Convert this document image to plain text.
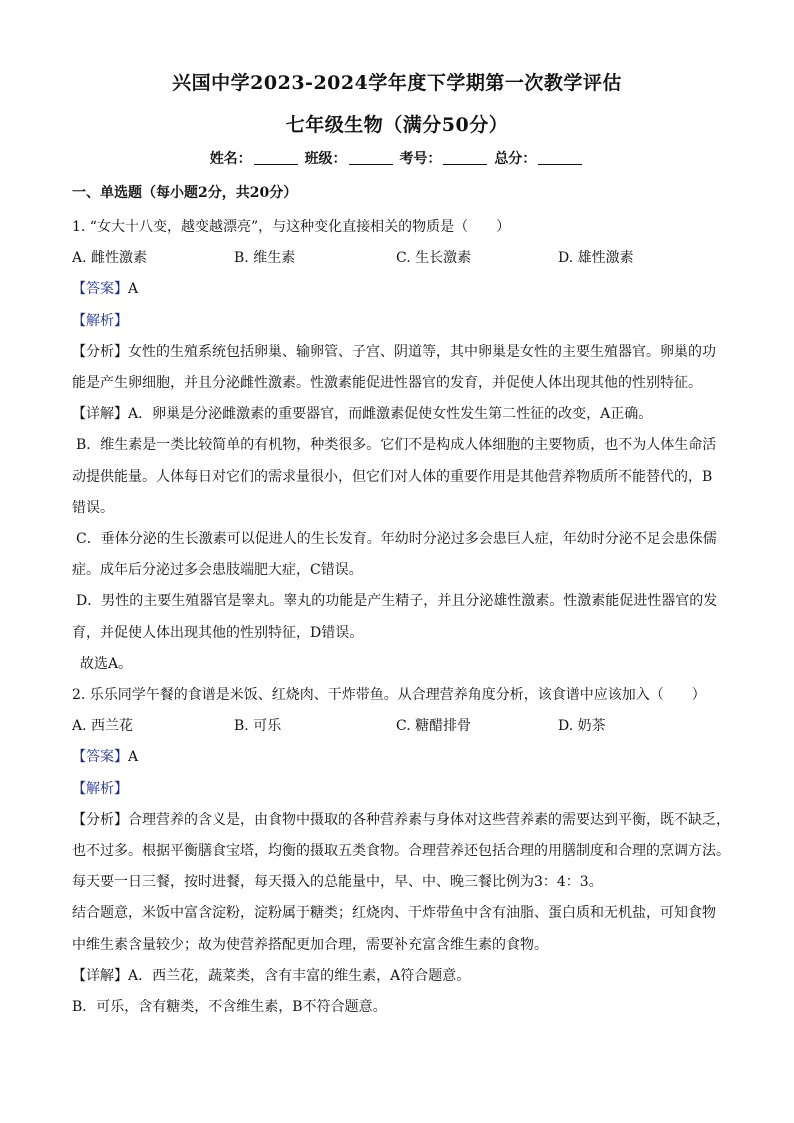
兴国中学2023-2024学年度下学期第一次教学评估
七年级生物（满分50分）
姓名：	班级：	考号：	总分：
一、单选题（每小题2分，共20分）
1. “女大十八变，越变越漂亮”，与这种变化直接相关的物质是（　　）
A. 雌性激素	B. 维生素	C. 生长激素	D. 雄性激素
【答案】A
【解析】
【分析】女性的生殖系统包括卵巢、输卵管、子宫、阴道等，其中卵巢是女性的主要生殖器官。卵巢的功
能是产生卵细胞，并且分泌雌性激素。性激素能促进性器官的发育，并促使人体出现其他的性别特征。
【详解】A．卵巢是分泌雌激素的重要器官，而雌激素促使女性发生第二性征的改变，A正确。
B．维生素是一类比较简单的有机物，种类很多。它们不是构成人体细胞的主要物质，也不为人体生命活
动提供能量。人体每日对它们的需求量很小，但它们对人体的重要作用是其他营养物质所不能替代的，B
错误。
C．垂体分泌的生长激素可以促进人的生长发育。年幼时分泌过多会患巨人症，年幼时分泌不足会患侏儒
症。成年后分泌过多会患肢端肥大症，C错误。
D．男性的主要生殖器官是睾丸。睾丸的功能是产生精子，并且分泌雄性激素。性激素能促进性器官的发
育，并促使人体出现其他的性别特征，D错误。
故选A。
2. 乐乐同学午餐的食谱是米饭、红烧肉、干炸带鱼。从合理营养角度分析，该食谱中应该加入（　　）
A. 西兰花	B. 可乐	C. 糖醋排骨	D. 奶茶
【答案】A
【解析】
【分析】合理营养的含义是，由食物中摄取的各种营养素与身体对这些营养素的需要达到平衡，既不缺乏，
也不过多。根据平衡膳食宝塔，均衡的摄取五类食物。合理营养还包括合理的用膳制度和合理的烹调方法。
每天要一日三餐，按时进餐，每天摄入的总能量中，早、中、晚三餐比例为3：4：3。
结合题意，米饭中富含淀粉，淀粉属于糖类；红烧肉、干炸带鱼中含有油脂、蛋白质和无机盐，可知食物
中维生素含量较少；故为使营养搭配更加合理，需要补充富含维生素的食物。
【详解】A．西兰花，蔬菜类，含有丰富的维生素，A符合题意。
B．可乐，含有糖类，不含维生素，B不符合题意。
